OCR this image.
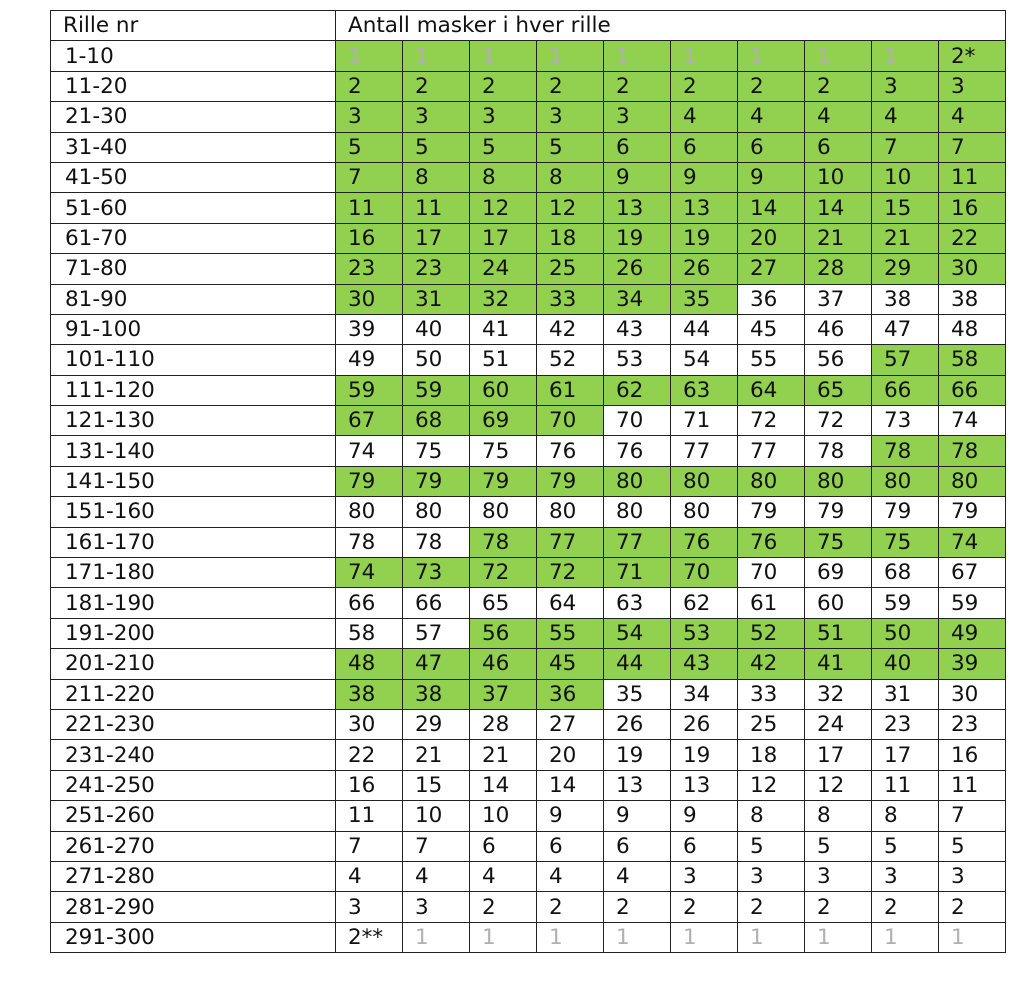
Rille nr	Antall masker i hver rille									
1-10	1	1	1	1	1	1	1	1	1	2*
11-20	2	2	2	2	2	2	2	2	3	3
21-30	3	3	3	3	3	4	4	4	4	4
31-40	5	5	5	5	6	6	6	6	7	7
41-50	7	8	8	8	9	9	9	10	10	11
51-60	11	11	12	12	13	13	14	14	15	16
61-70	16	17	17	18	19	19	20	21	21	22
71-80	23	23	24	25	26	26	27	28	29	30
81-90	30	31	32	33	34	35	36	37	38	38
91-100	39	40	41	42	43	44	45	46	47	48
101-110	49	50	51	52	53	54	55	56	57	58
111-120	59	59	60	61	62	63	64	65	66	66
121-130	67	68	69	70	70	71	72	72	73	74
131-140	74	75	75	76	76	77	77	78	78	78
141-150	79	79	79	79	80	80	80	80	80	80
151-160	80	80	80	80	80	80	79	79	79	79
161-170	78	78	78	77	77	76	76	75	75	74
171-180	74	73	72	72	71	70	70	69	68	67
181-190	66	66	65	64	63	62	61	60	59	59
191-200	58	57	56	55	54	53	52	51	50	49
201-210	48	47	46	45	44	43	42	41	40	39
211-220	38	38	37	36	35	34	33	32	31	30
221-230	30	29	28	27	26	26	25	24	23	23
231-240	22	21	21	20	19	19	18	17	17	16
241-250	16	15	14	14	13	13	12	12	11	11
251-260	11	10	10	9	9	9	8	8	8	7
261-270	7	7	6	6	6	6	5	5	5	5
271-280	4	4	4	4	4	3	3	3	3	3
281-290	3	3	2	2	2	2	2	2	2	2
291-300	2**	1	1	1	1	1	1	1	1	1
